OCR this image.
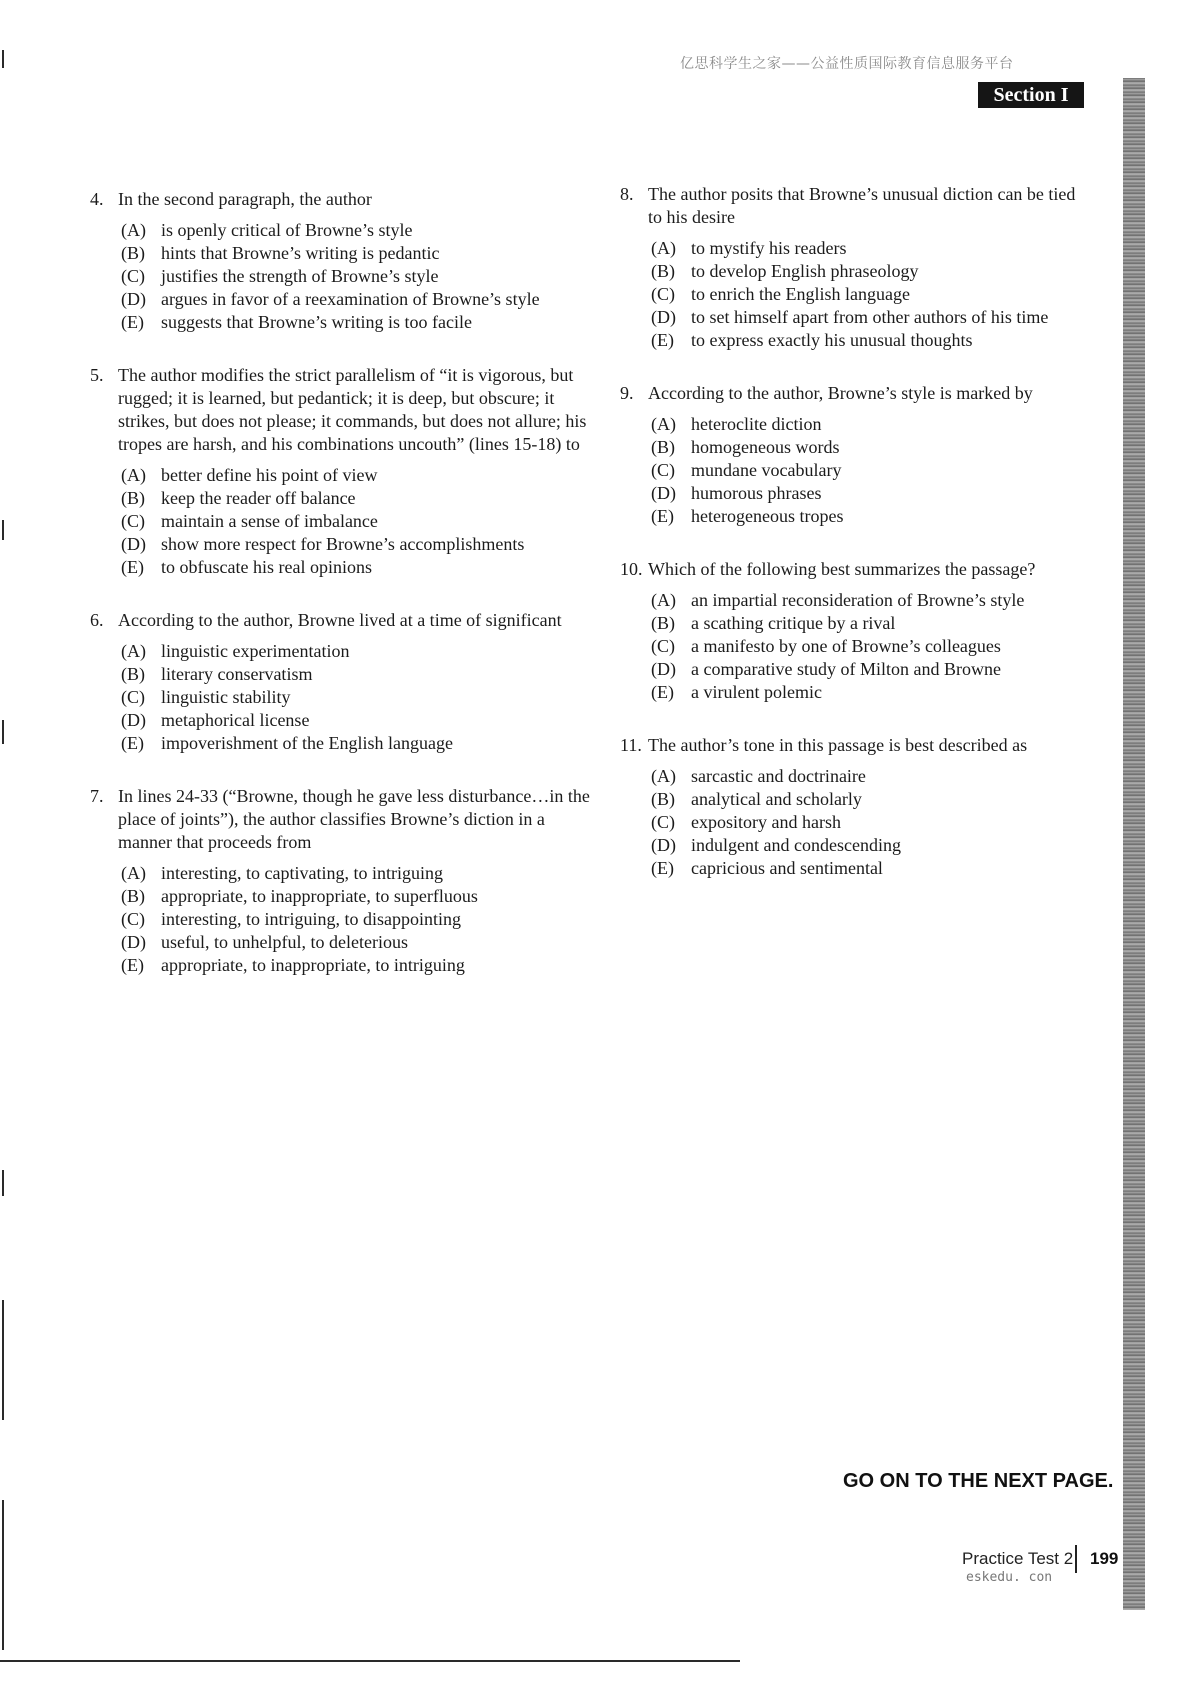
亿思科学生之家——公益性质国际教育信息服务平台
Section I
4. In the second paragraph, the author
(A) is openly critical of Browne’s style
(B) hints that Browne’s writing is pedantic
(C) justifies the strength of Browne’s style
(D) argues in favor of a reexamination of Browne’s style
(E) suggests that Browne’s writing is too facile
5. The author modifies the strict parallelism of “it is vigorous, but rugged; it is learned, but pedantick; it is deep, but obscure; it strikes, but does not please; it commands, but does not allure; his tropes are harsh, and his combinations uncouth” (lines 15-18) to
(A) better define his point of view
(B) keep the reader off balance
(C) maintain a sense of imbalance
(D) show more respect for Browne’s accomplishments
(E) to obfuscate his real opinions
6. According to the author, Browne lived at a time of significant
(A) linguistic experimentation
(B) literary conservatism
(C) linguistic stability
(D) metaphorical license
(E) impoverishment of the English language
7. In lines 24-33 (“Browne, though he gave less disturbance…in the place of joints”), the author classifies Browne’s diction in a manner that proceeds from
(A) interesting, to captivating, to intriguing
(B) appropriate, to inappropriate, to superfluous
(C) interesting, to intriguing, to disappointing
(D) useful, to unhelpful, to deleterious
(E) appropriate, to inappropriate, to intriguing
8. The author posits that Browne’s unusual diction can be tied to his desire
(A) to mystify his readers
(B) to develop English phraseology
(C) to enrich the English language
(D) to set himself apart from other authors of his time
(E) to express exactly his unusual thoughts
9. According to the author, Browne’s style is marked by
(A) heteroclite diction
(B) homogeneous words
(C) mundane vocabulary
(D) humorous phrases
(E) heterogeneous tropes
10. Which of the following best summarizes the passage?
(A) an impartial reconsideration of Browne’s style
(B) a scathing critique by a rival
(C) a manifesto by one of Browne’s colleagues
(D) a comparative study of Milton and Browne
(E) a virulent polemic
11. The author’s tone in this passage is best described as
(A) sarcastic and doctrinaire
(B) analytical and scholarly
(C) expository and harsh
(D) indulgent and condescending
(E) capricious and sentimental
GO ON TO THE NEXT PAGE.
Practice Test 2 199
eskedu. con
